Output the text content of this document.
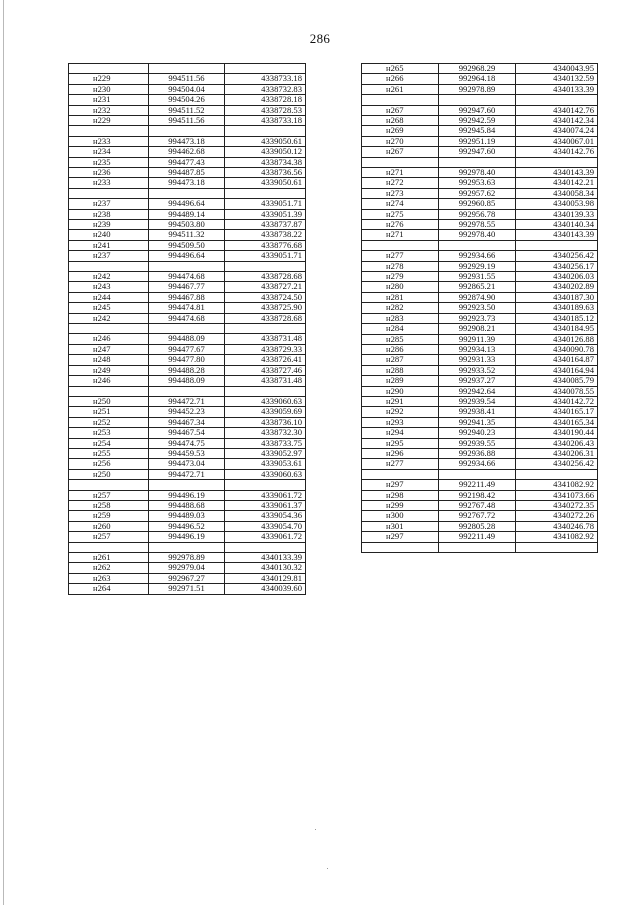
286

н229	994511.56	4338733.18
н230	994504.04	4338732.83
н231	994504.26	4338728.18
н232	994511.52	4338728.53
н229	994511.56	4338733.18

н233	994473.18	4339050.61
н234	994462.68	4339050.12
н235	994477.43	4338734.38
н236	994487.85	4338736.56
н233	994473.18	4339050.61

н237	994496.64	4339051.71
н238	994489.14	4339051.39
н239	994503.80	4338737.87
н240	994511.32	4338738.22
н241	994509.50	4338776.68
н237	994496.64	4339051.71

н242	994474.68	4338728.68
н243	994467.77	4338727.21
н244	994467.88	4338724.50
н245	994474.81	4338725.90
н242	994474.68	4338728.68

н246	994488.09	4338731.48
н247	994477.67	4338729.33
н248	994477.80	4338726.41
н249	994488.28	4338727.46
н246	994488.09	4338731.48

н250	994472.71	4339060.63
н251	994452.23	4339059.69
н252	994467.34	4338736.10
н253	994467.54	4338732.30
н254	994474.75	4338733.75
н255	994459.53	4339052.97
н256	994473.04	4339053.61
н250	994472.71	4339060.63

н257	994496.19	4339061.72
н258	994488.68	4339061.37
н259	994489.03	4339054.36
н260	994496.52	4339054.70
н257	994496.19	4339061.72

н261	992978.89	4340133.39
н262	992979.04	4340130.32
н263	992967.27	4340129.81
н264	992971.51	4340039.60
н265	992968.29	4340043.95
н266	992964.18	4340132.59
н261	992978.89	4340133.39

н267	992947.60	4340142.76
н268	992942.59	4340142.34
н269	992945.84	4340074.24
н270	992951.19	4340067.01
н267	992947.60	4340142.76

н271	992978.40	4340143.39
н272	992953.63	4340142.21
н273	992957.62	4340058.34
н274	992960.85	4340053.98
н275	992956.78	4340139.33
н276	992978.55	4340140.34
н271	992978.40	4340143.39

н277	992934.66	4340256.42
н278	992929.19	4340256.17
н279	992931.55	4340206.03
н280	992865.21	4340202.89
н281	992874.90	4340187.30
н282	992923.50	4340189.63
н283	992923.73	4340185.12
н284	992908.21	4340184.95
н285	992911.39	4340126.88
н286	992934.13	4340090.78
н287	992931.33	4340164.87
н288	992933.52	4340164.94
н289	992937.27	4340085.79
н290	992942.64	4340078.55
н291	992939.54	4340142.72
н292	992938.41	4340165.17
н293	992941.35	4340165.34
н294	992940.23	4340190.44
н295	992939.55	4340206.43
н296	992936.88	4340206.31
н277	992934.66	4340256.42

н297	992211.49	4341082.92
н298	992198.42	4341073.66
н299	992767.48	4340272.35
н300	992767.72	4340272.26
н301	992805.28	4340246.78
н297	992211.49	4341082.92
